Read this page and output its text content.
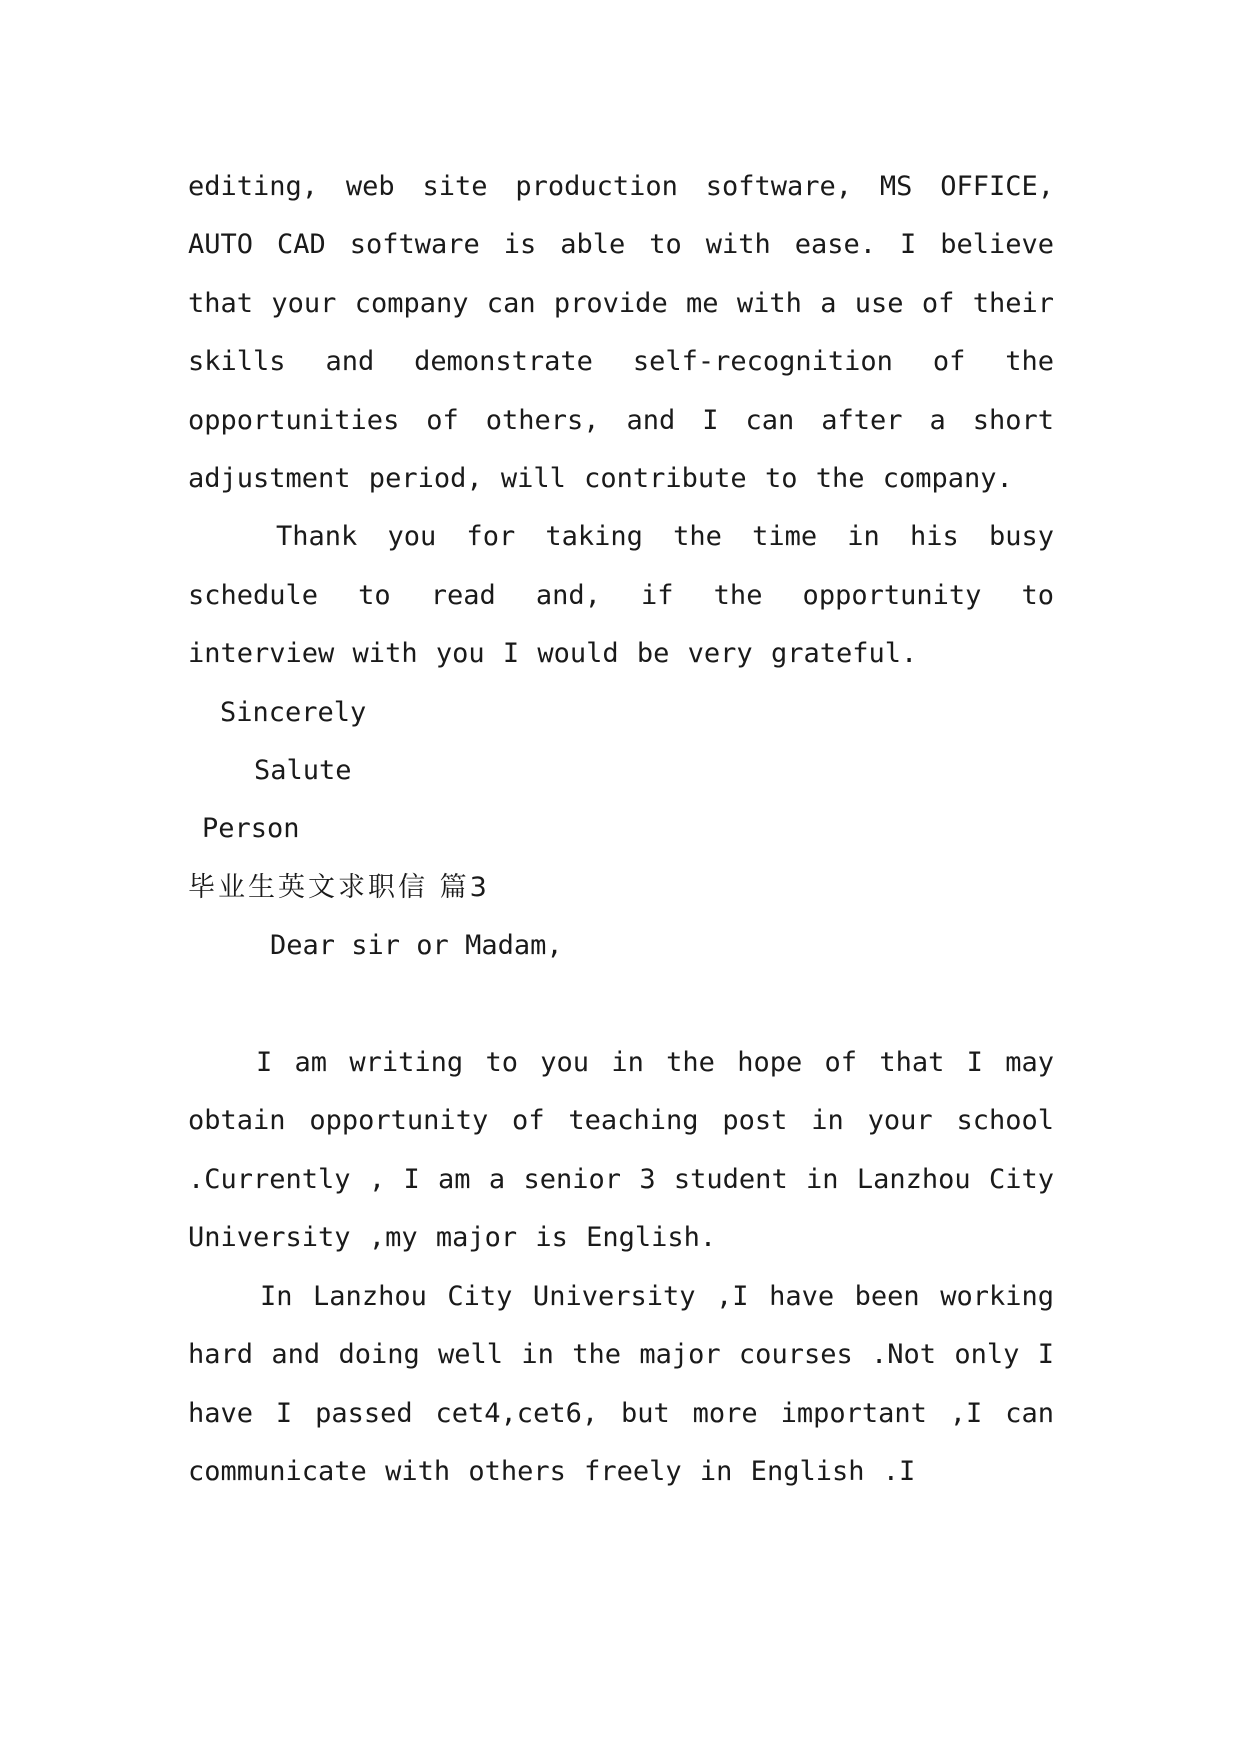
editing, web site production software, MS OFFICE, AUTO CAD software is able to with ease. I believe that your company can provide me with a use of their skills and demonstrate self-recognition of the opportunities of others, and I can after a short adjustment period, will contribute to the company.

Thank you for taking the time in his busy schedule to read and, if the opportunity to interview with you I would be very grateful.

Sincerely

Salute

Person

毕业生英文求职信 篇3

Dear sir or Madam,

I am writing to you in the hope of that I may obtain opportunity of teaching post in your school .Currently , I am a senior 3 student in Lanzhou City University ,my major is English.

In Lanzhou City University ,I have been working hard and doing well in the major courses .Not only I have I passed cet4,cet6, but more important ,I can communicate with others freely in English .I
